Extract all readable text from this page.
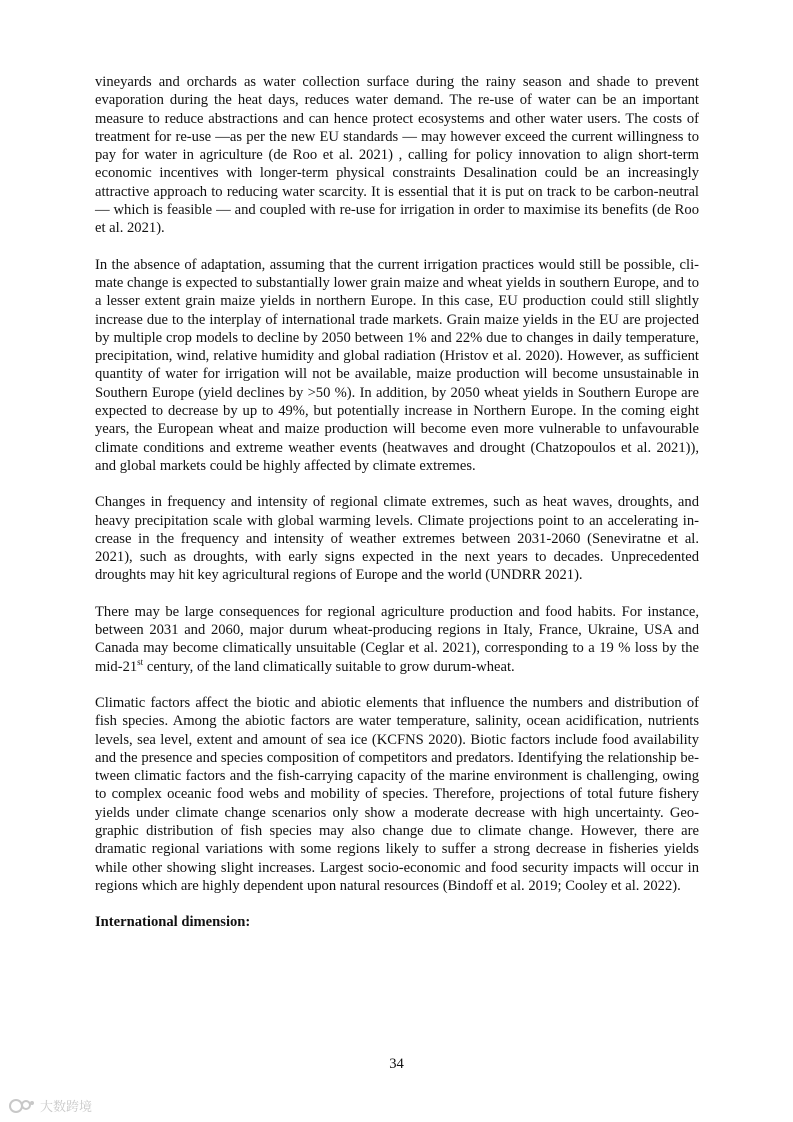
vineyards and orchards as water collection surface during the rainy season and shade to prevent evaporation during the heat days, reduces water demand. The re-use of water can be an important measure to reduce abstractions and can hence protect ecosystems and other water users. The costs of treatment for re-use —as per the new EU standards — may however exceed the current willingness to pay for water in agriculture (de Roo et al. 2021) , calling for policy innovation to align short-term economic incentives with longer-term physical constraints Desalination could be an increasingly attractive approach to reducing water scarcity. It is essential that it is put on track to be carbon-neutral — which is feasible — and coupled with re-use for irrigation in order to maximise its benefits (de Roo et al. 2021).

In the absence of adaptation, assuming that the current irrigation practices would still be possible, cli-mate change is expected to substantially lower grain maize and wheat yields in southern Europe, and to a lesser extent grain maize yields in northern Europe. In this case, EU production could still slightly increase due to the interplay of international trade markets. Grain maize yields in the EU are projected by multiple crop models to decline by 2050 between 1% and 22% due to changes in daily temperature, precipitation, wind, relative humidity and global radiation (Hristov et al. 2020). However, as sufficient quantity of water for irrigation will not be available, maize production will become unsustainable in Southern Europe (yield declines by >50 %). In addition, by 2050 wheat yields in Southern Europe are expected to decrease by up to 49%, but potentially increase in Northern Europe. In the coming eight years, the European wheat and maize production will become even more vulnerable to unfavourable climate conditions and extreme weather events (heatwaves and drought (Chatzopoulos et al. 2021)), and global markets could be highly affected by climate extremes.

Changes in frequency and intensity of regional climate extremes, such as heat waves, droughts, and heavy precipitation scale with global warming levels. Climate projections point to an accelerating in-crease in the frequency and intensity of weather extremes between 2031-2060 (Seneviratne et al. 2021), such as droughts, with early signs expected in the next years to decades. Unprecedented droughts may hit key agricultural regions of Europe and the world (UNDRR 2021).

There may be large consequences for regional agriculture production and food habits. For instance, between 2031 and 2060, major durum wheat-producing regions in Italy, France, Ukraine, USA and Canada may become climatically unsuitable (Ceglar et al. 2021), corresponding to a 19 % loss by the mid-21st century, of the land climatically suitable to grow durum-wheat.

Climatic factors affect the biotic and abiotic elements that influence the numbers and distribution of fish species. Among the abiotic factors are water temperature, salinity, ocean acidification, nutrients levels, sea level, extent and amount of sea ice (KCFNS 2020). Biotic factors include food availability and the presence and species composition of competitors and predators. Identifying the relationship be-tween climatic factors and the fish-carrying capacity of the marine environment is challenging, owing to complex oceanic food webs and mobility of species. Therefore, projections of total future fishery yields under climate change scenarios only show a moderate decrease with high uncertainty. Geo-graphic distribution of fish species may also change due to climate change. However, there are dramatic regional variations with some regions likely to suffer a strong decrease in fisheries yields while other showing slight increases. Largest socio-economic and food security impacts will occur in regions which are highly dependent upon natural resources (Bindoff et al. 2019; Cooley et al. 2022).

International dimension:

34
大数跨境
